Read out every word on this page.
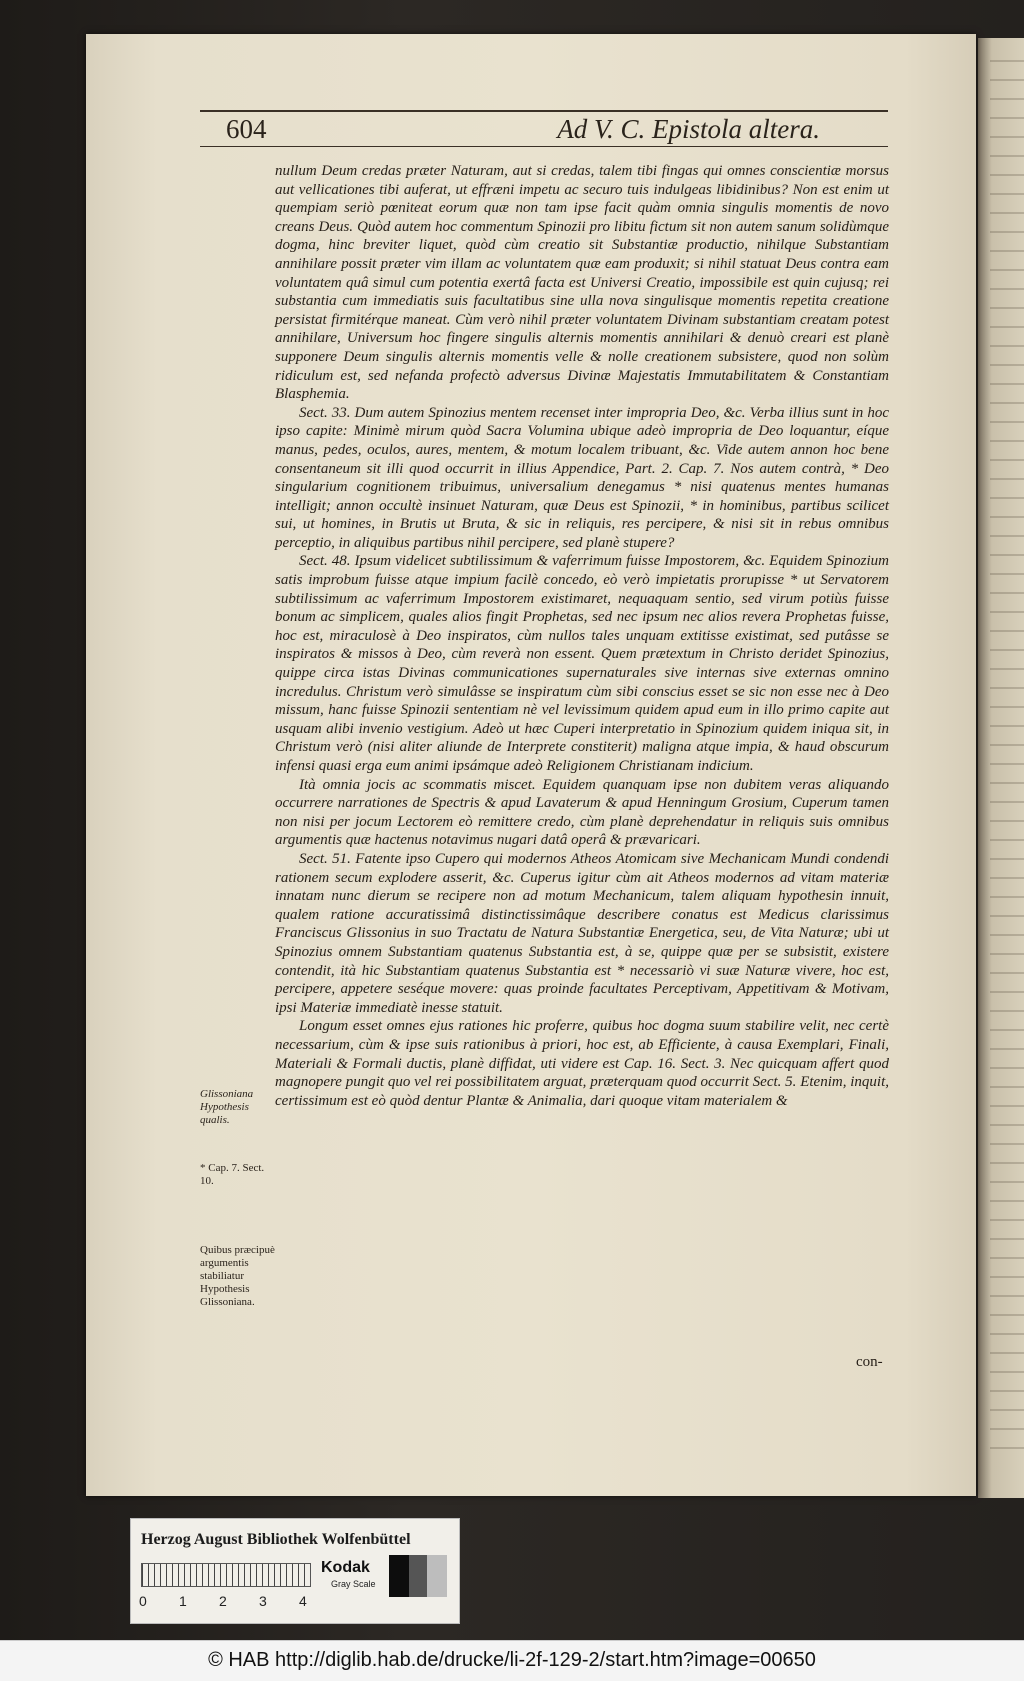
604	Ad V. C. Epistola altera.

nullum Deum credas præter Naturam, aut si credas, talem tibi fingas qui omnes conscientiæ morsus aut vellicationes tibi auferat, ut effræni impetu ac securo tuis indulgeas libidinibus? Non est enim ut quempiam seriò pœniteat eorum quæ non tam ipse facit quàm omnia singulis momentis de novo creans Deus. Quòd autem hoc commentum Spinozii pro libitu fictum sit non autem sanum solidùmque dogma, hinc breviter liquet, quòd cùm creatio sit Substantiæ productio, nihilque Substantiam annihilare possit præter vim illam ac voluntatem quæ eam produxit; si nihil statuat Deus contra eam voluntatem quâ simul cum potentia exertâ facta est Universi Creatio, impossibile est quin cujusq; rei substantia cum immediatis suis facultatibus sine ulla nova singulisque momentis repetita creatione persistat firmitérque maneat. Cùm verò nihil præter voluntatem Divinam substantiam creatam potest annihilare, Universum hoc fingere singulis alternis momentis annihilari & denuò creari est planè supponere Deum singulis alternis momentis velle & nolle creationem subsistere, quod non solùm ridiculum est, sed nefanda profectò adversus Divinæ Majestatis Immutabilitatem & Constantiam Blasphemia.

Sect. 33. Dum autem Spinozius mentem recenset inter impropria Deo, &c. Verba illius sunt in hoc ipso capite: Minimè mirum quòd Sacra Volumina ubique adeò impropria de Deo loquantur, eíque manus, pedes, oculos, aures, mentem, & motum localem tribuant, &c. Vide autem annon hoc bene consentaneum sit illi quod occurrit in illius Appendice, Part. 2. Cap. 7. Nos autem contrà, * Deo singularium cognitionem tribuimus, universalium denegamus * nisi quatenus mentes humanas intelligit; annon occultè insinuet Naturam, quæ Deus est Spinozii, * in hominibus, partibus scilicet sui, ut homines, in Brutis ut Bruta, & sic in reliquis, res percipere, & nisi sit in rebus omnibus perceptio, in aliquibus partibus nihil percipere, sed planè stupere?

Sect. 48. Ipsum videlicet subtilissimum & vaferrimum fuisse Impostorem, &c. Equidem Spinozium satis improbum fuisse atque impium facilè concedo, eò verò impietatis prorupisse * ut Servatorem subtilissimum ac vaferrimum Impostorem existimaret, nequaquam sentio, sed virum potiùs fuisse bonum ac simplicem, quales alios fingit Prophetas, sed nec ipsum nec alios revera Prophetas fuisse, hoc est, miraculosè à Deo inspiratos, cùm nullos tales unquam extitisse existimat, sed putâsse se inspiratos & missos à Deo, cùm reverà non essent. Quem prætextum in Christo deridet Spinozius, quippe circa istas Divinas communicationes supernaturales sive internas sive externas omnino incredulus. Christum verò simulâsse se inspiratum cùm sibi conscius esset se sic non esse nec à Deo missum, hanc fuisse Spinozii sententiam nè vel levissimum quidem apud eum in illo primo capite aut usquam alibi invenio vestigium. Adeò ut hæc Cuperi interpretatio in Spinozium quidem iniqua sit, in Christum verò (nisi aliter aliunde de Interprete constiterit) maligna atque impia, & haud obscurum infensi quasi erga eum animi ipsámque adeò Religionem Christianam indicium.

Ità omnia jocis ac scommatis miscet. Equidem quanquam ipse non dubitem veras aliquando occurrere narrationes de Spectris & apud Lavaterum & apud Henningum Grosium, Cuperum tamen non nisi per jocum Lectorem eò remittere credo, cùm planè deprehendatur in reliquis suis omnibus argumentis quæ hactenus notavimus nugari datâ operâ & prævaricari.

Sect. 51. Fatente ipso Cupero qui modernos Atheos Atomicam sive Mechanicam Mundi condendi rationem secum explodere asserit, &c. Cuperus igitur cùm ait Atheos modernos ad vitam materiæ innatam nunc dierum se recipere non ad motum Mechanicum, talem aliquam hypothesin innuit, qualem ratione accuratissimâ distinctissimâque describere conatus est Medicus clarissimus Franciscus Glissonius in suo Tractatu de Natura Substantiæ Energetica, seu, de Vita Naturæ; ubi ut Spinozius omnem Substantiam quatenus Substantia est, à se, quippe quæ per se subsistit, existere contendit, ità hic Substantiam quatenus Substantia est * necessariò vi suæ Naturæ vivere, hoc est, percipere, appetere seséque movere: quas proinde facultates Perceptivam, Appetitivam & Motivam, ipsi Materiæ immediatè inesse statuit.

Longum esset omnes ejus rationes hic proferre, quibus hoc dogma suum stabilire velit, nec certè necessarium, cùm & ipse suis rationibus à priori, hoc est, ab Efficiente, à causa Exemplari, Finali, Materiali & Formali ductis, planè diffidat, uti videre est Cap. 16. Sect. 3. Nec quicquam affert quod magnopere pungit quo vel rei possibilitatem arguat, præterquam quod occurrit Sect. 5. Etenim, inquit, certissimum est eò quòd dentur Plantæ & Animalia, dari quoque vitam materialem &

Glissoniana Hypothesis qualis.
* Cap. 7. Sect. 10.
Quibus præcipuè argumentis stabiliatur Hypothesis Glissoniana.
con-
Herzog August Bibliothek Wolfenbüttel
0 1 2 3 4
Kodak
Gray Scale
© HAB http://diglib.hab.de/drucke/li-2f-129-2/start.htm?image=00650
